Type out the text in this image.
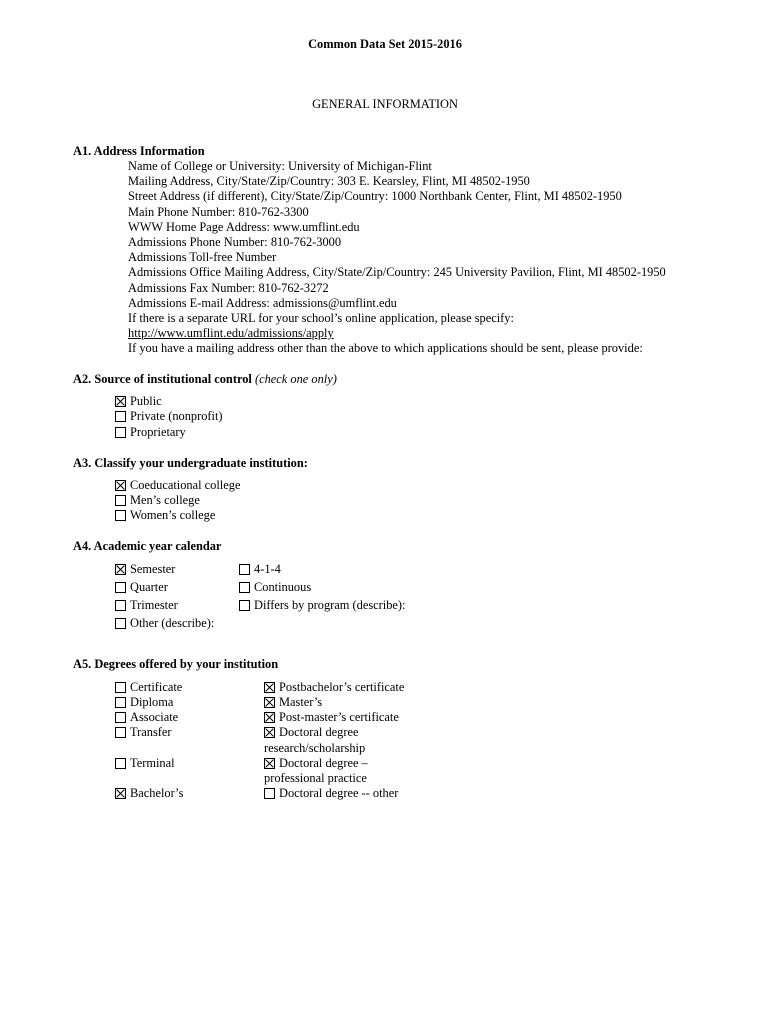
Common Data Set 2015-2016
GENERAL INFORMATION
A1. Address Information
Name of College or University: University of Michigan-Flint
Mailing Address, City/State/Zip/Country: 303 E. Kearsley, Flint, MI 48502-1950
Street Address (if different), City/State/Zip/Country: 1000 Northbank Center, Flint, MI 48502-1950
Main Phone Number: 810-762-3300
WWW Home Page Address: www.umflint.edu
Admissions Phone Number: 810-762-3000
Admissions Toll-free Number
Admissions Office Mailing Address, City/State/Zip/Country: 245 University Pavilion, Flint, MI 48502-1950
Admissions Fax Number: 810-762-3272
Admissions E-mail Address: admissions@umflint.edu
If there is a separate URL for your school’s online application, please specify:
http://www.umflint.edu/admissions/apply
If you have a mailing address other than the above to which applications should be sent, please provide:
A2. Source of institutional control (check one only)
Public
Private (nonprofit)
Proprietary
A3. Classify your undergraduate institution:
Coeducational college
Men’s college
Women’s college
A4. Academic year calendar
Semester
Quarter
Trimester
Other (describe):
4-1-4
Continuous
Differs by program (describe):
A5. Degrees offered by your institution
Certificate
Diploma
Associate
Transfer
Terminal
Bachelor’s
Postbachelor’s certificate
Master’s
Post-master’s certificate
Doctoral degree
research/scholarship
Doctoral degree –
professional practice
Doctoral degree -- other
